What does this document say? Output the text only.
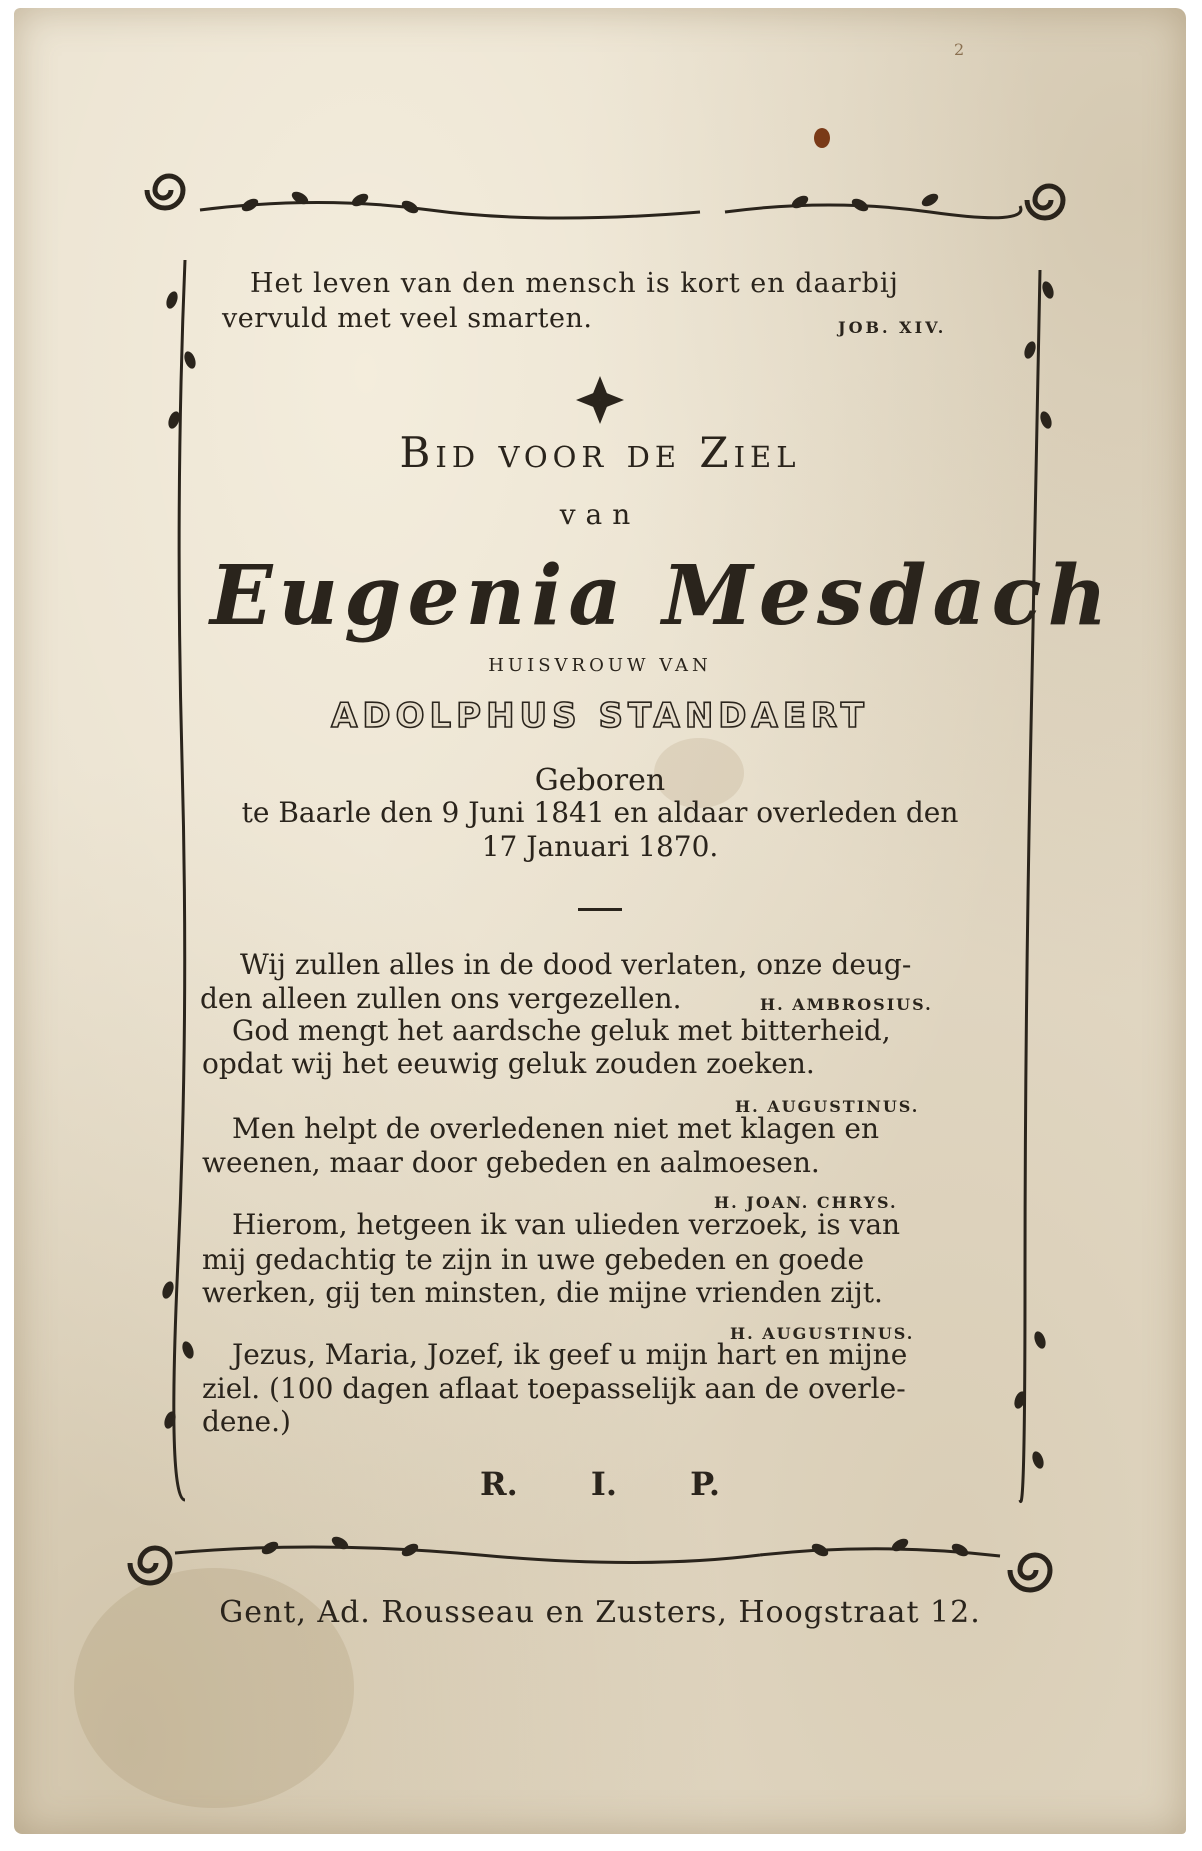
2
Het leven van den mensch is kort en daarbij
vervuld met veel smarten.	JOB. XIV.
Bid voor de Ziel
van
Eugenia Mesdach
HUISVROUW VAN
ADOLPHUS STANDAERT
Geboren
te Baarle den 9 Juni 1841 en aldaar overleden den
17 Januari 1870.
Wij zullen alles in de dood verlaten, onze deug-
den alleen zullen ons vergezellen.	H. AMBROSIUS.
God mengt het aardsche geluk met bitterheid,
opdat wij het eeuwig geluk zouden zoeken.
H. AUGUSTINUS.
Men helpt de overledenen niet met klagen en
weenen, maar door gebeden en aalmoesen.
H. JOAN. CHRYS.
Hierom, hetgeen ik van ulieden verzoek, is van
mij gedachtig te zijn in uwe gebeden en goede
werken, gij ten minsten, die mijne vrienden zijt.
H. AUGUSTINUS.
Jezus, Maria, Jozef, ik geef u mijn hart en mijne
ziel. (100 dagen aflaat toepasselijk aan de overle-
dene.)
R. I. P.
Gent, Ad. Rousseau en Zusters, Hoogstraat 12.
